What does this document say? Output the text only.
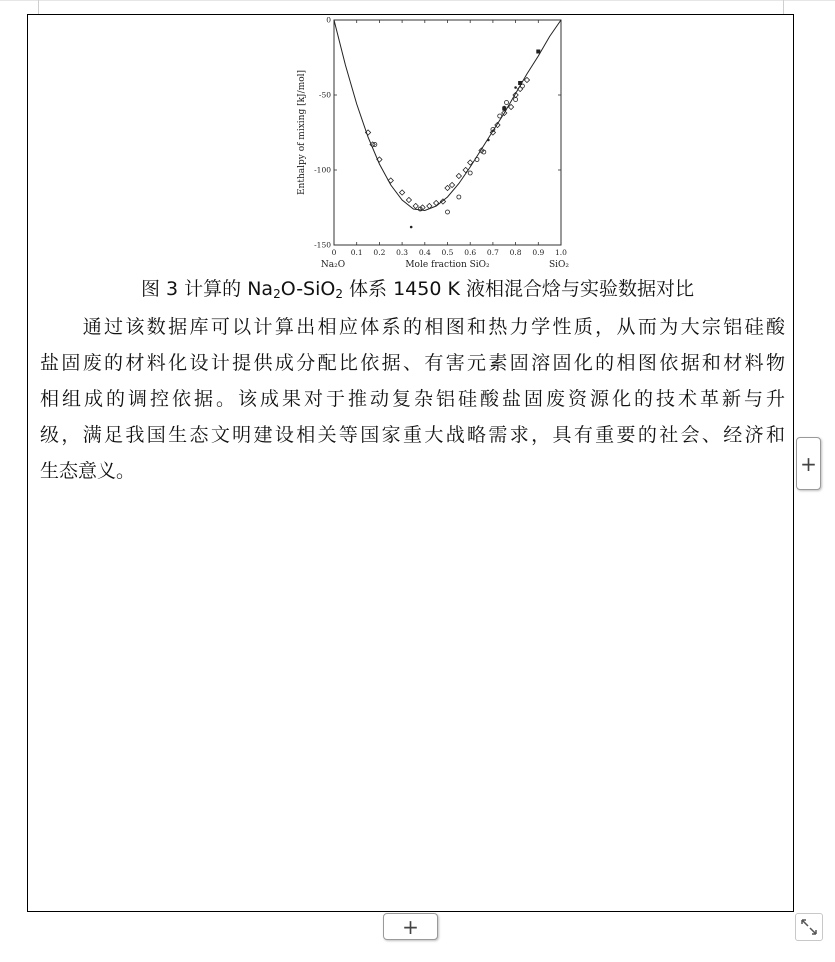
0 0.1 0.2 0.3 0.4 0.5 0.6 0.7 0.8 0.9 1.0
0
-50
-100
-150
Na₂O	Mole fraction SiO₂	SiO₂
Enthalpy of mixing [kJ/mol]
图 3 计算的 $Na_2O-SiO_2$ 体系 1450 K 液相混合焓与实验数据对比
　　通过该数据库可以计算出相应体系的相图和热力学性质，从而为大宗铝硅酸
盐固废的材料化设计提供成分配比依据、有害元素固溶固化的相图依据和材料物
相组成的调控依据。该成果对于推动复杂铝硅酸盐固废资源化的技术革新与升
级，满足我国生态文明建设相关等国家重大战略需求，具有重要的社会、经济和
生态意义。	+
+
